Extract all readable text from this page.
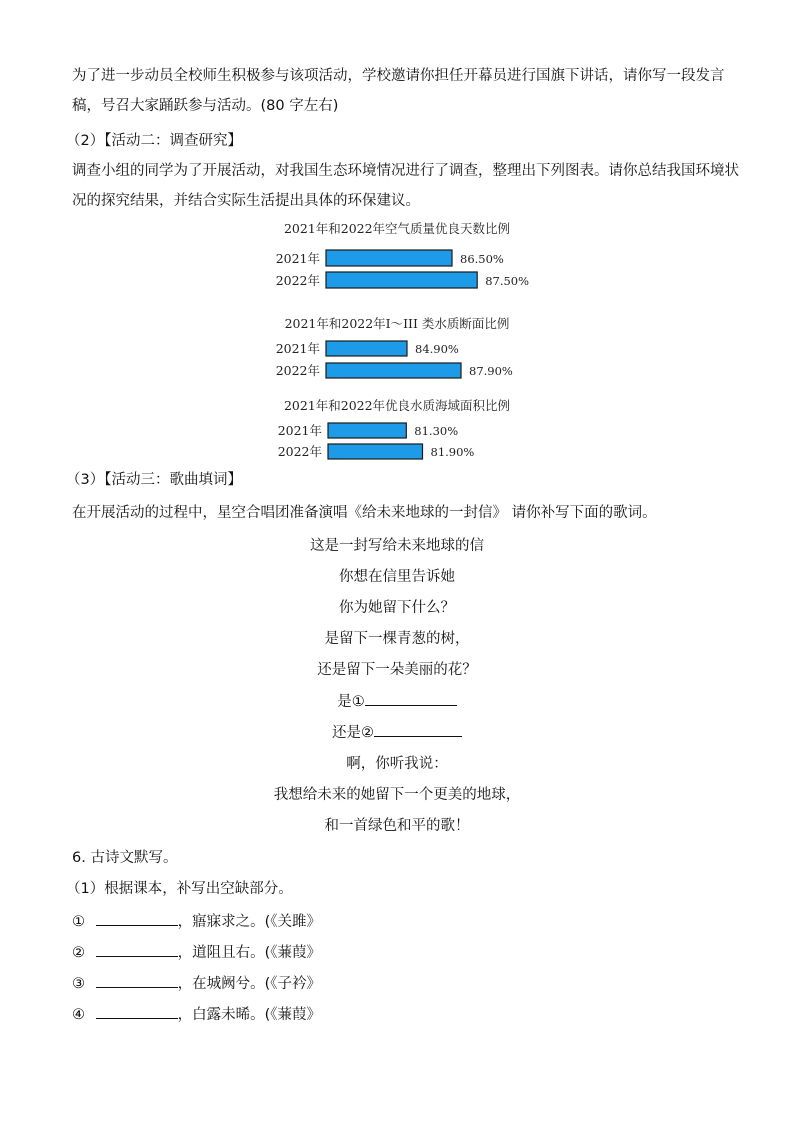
为了进一步动员全校师生积极参与该项活动，学校邀请你担任开幕员进行国旗下讲话，请你写一段发言
稿，号召大家踊跃参与活动。(80 字左右)
（2）【活动二：调查研究】
调查小组的同学为了开展活动，对我国生态环境情况进行了调查，整理出下列图表。请你总结我国环境状
况的探究结果，并结合实际生活提出具体的环保建议。
2021年和2022年空气质量优良天数比例
2021年	86.50%
2022年	87.50%
2021年和2022年I～III 类水质断面比例
2021年	84.90%
2022年	87.90%
2021年和2022年优良水质海域面积比例
2021年	81.30%
2022年	81.90%
（3）【活动三：歌曲填词】
在开展活动的过程中，星空合唱团准备演唱《给未来地球的一封信》 请你补写下面的歌词。
这是一封写给未来地球的信
你想在信里告诉她
你为她留下什么？
是留下一棵青葱的树，
还是留下一朵美丽的花？
是①
还是②
啊，你听我说：
我想给未来的她留下一个更美的地球，
和一首绿色和平的歌！
6. 古诗文默写。
（1）根据课本，补写出空缺部分。
①	，寤寐求之。(《关雎》
②	，道阻且右。(《蒹葭》
③	，在城阙兮。(《子衿》
④	，白露未晞。(《蒹葭》
